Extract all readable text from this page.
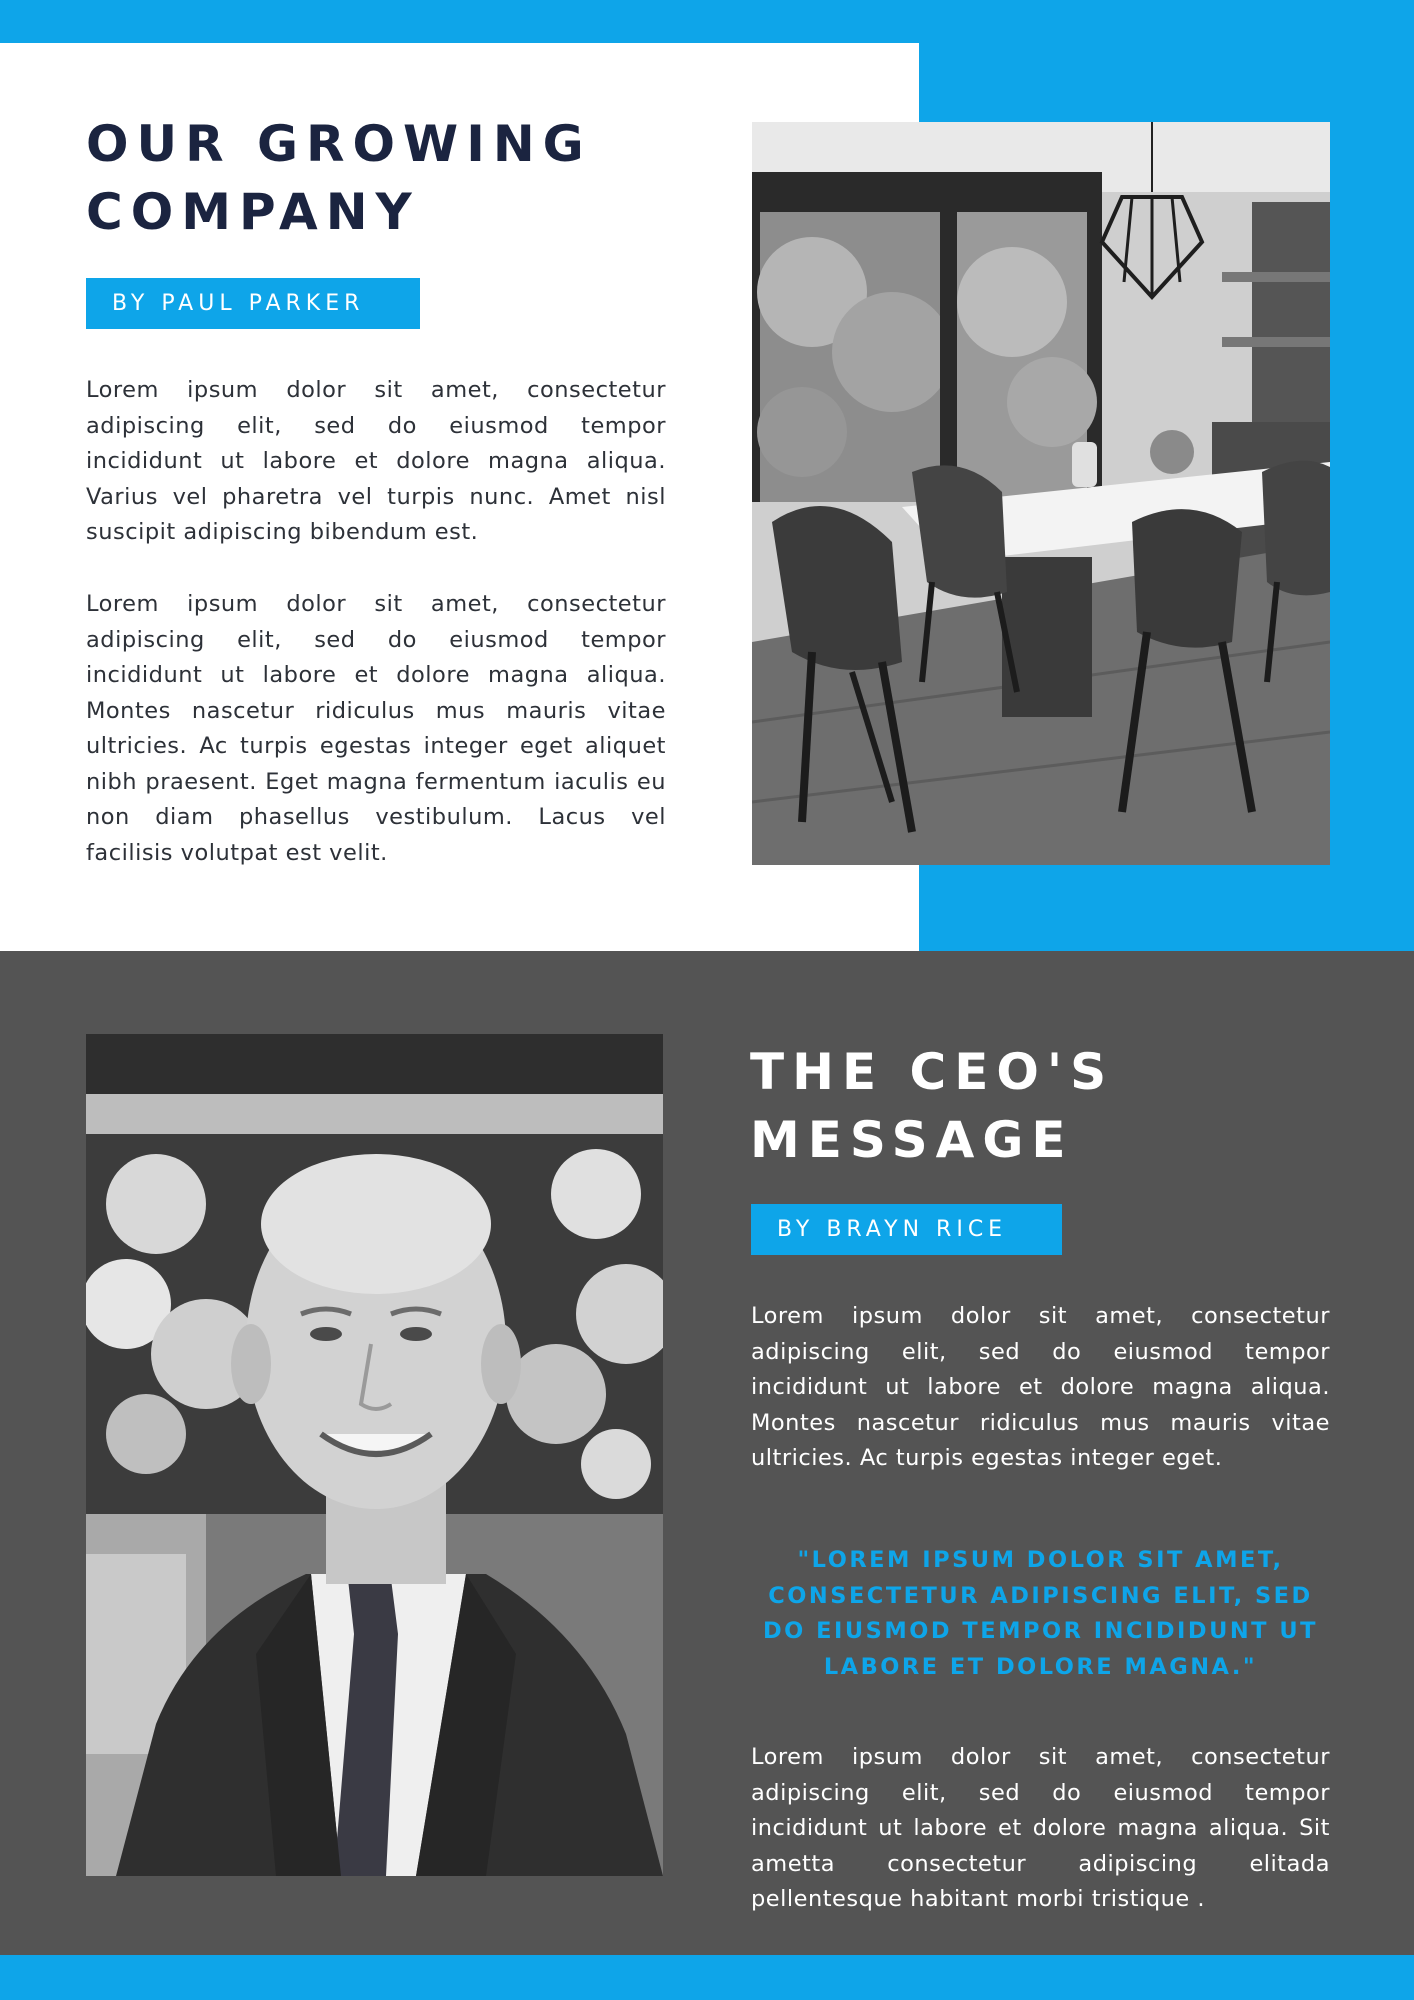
OUR GROWING
COMPANY
BY PAUL PARKER

Lorem ipsum dolor sit amet, consectetur adipiscing elit, sed do eiusmod tempor incididunt ut labore et dolore magna aliqua. Varius vel pharetra vel turpis nunc. Amet nisl suscipit adipiscing bibendum est.

Lorem ipsum dolor sit amet, consectetur adipiscing elit, sed do eiusmod tempor incididunt ut labore et dolore magna aliqua. Montes nascetur ridiculus mus mauris vitae ultricies. Ac turpis egestas integer eget aliquet nibh praesent. Eget magna fermentum iaculis eu non diam phasellus vestibulum. Lacus vel facilisis volutpat est velit.

THE CEO'S
MESSAGE
BY BRAYN RICE

Lorem ipsum dolor sit amet, consectetur adipiscing elit, sed do eiusmod tempor incididunt ut labore et dolore magna aliqua. Montes nascetur ridiculus mus mauris vitae ultricies. Ac turpis egestas integer eget.

"LOREM IPSUM DOLOR SIT AMET, CONSECTETUR ADIPISCING ELIT, SED DO EIUSMOD TEMPOR INCIDIDUNT UT LABORE ET DOLORE MAGNA."

Lorem ipsum dolor sit amet, consectetur adipiscing elit, sed do eiusmod tempor incididunt ut labore et dolore magna aliqua. Sit ametta consectetur adipiscing elitada pellentesque habitant morbi tristique .
